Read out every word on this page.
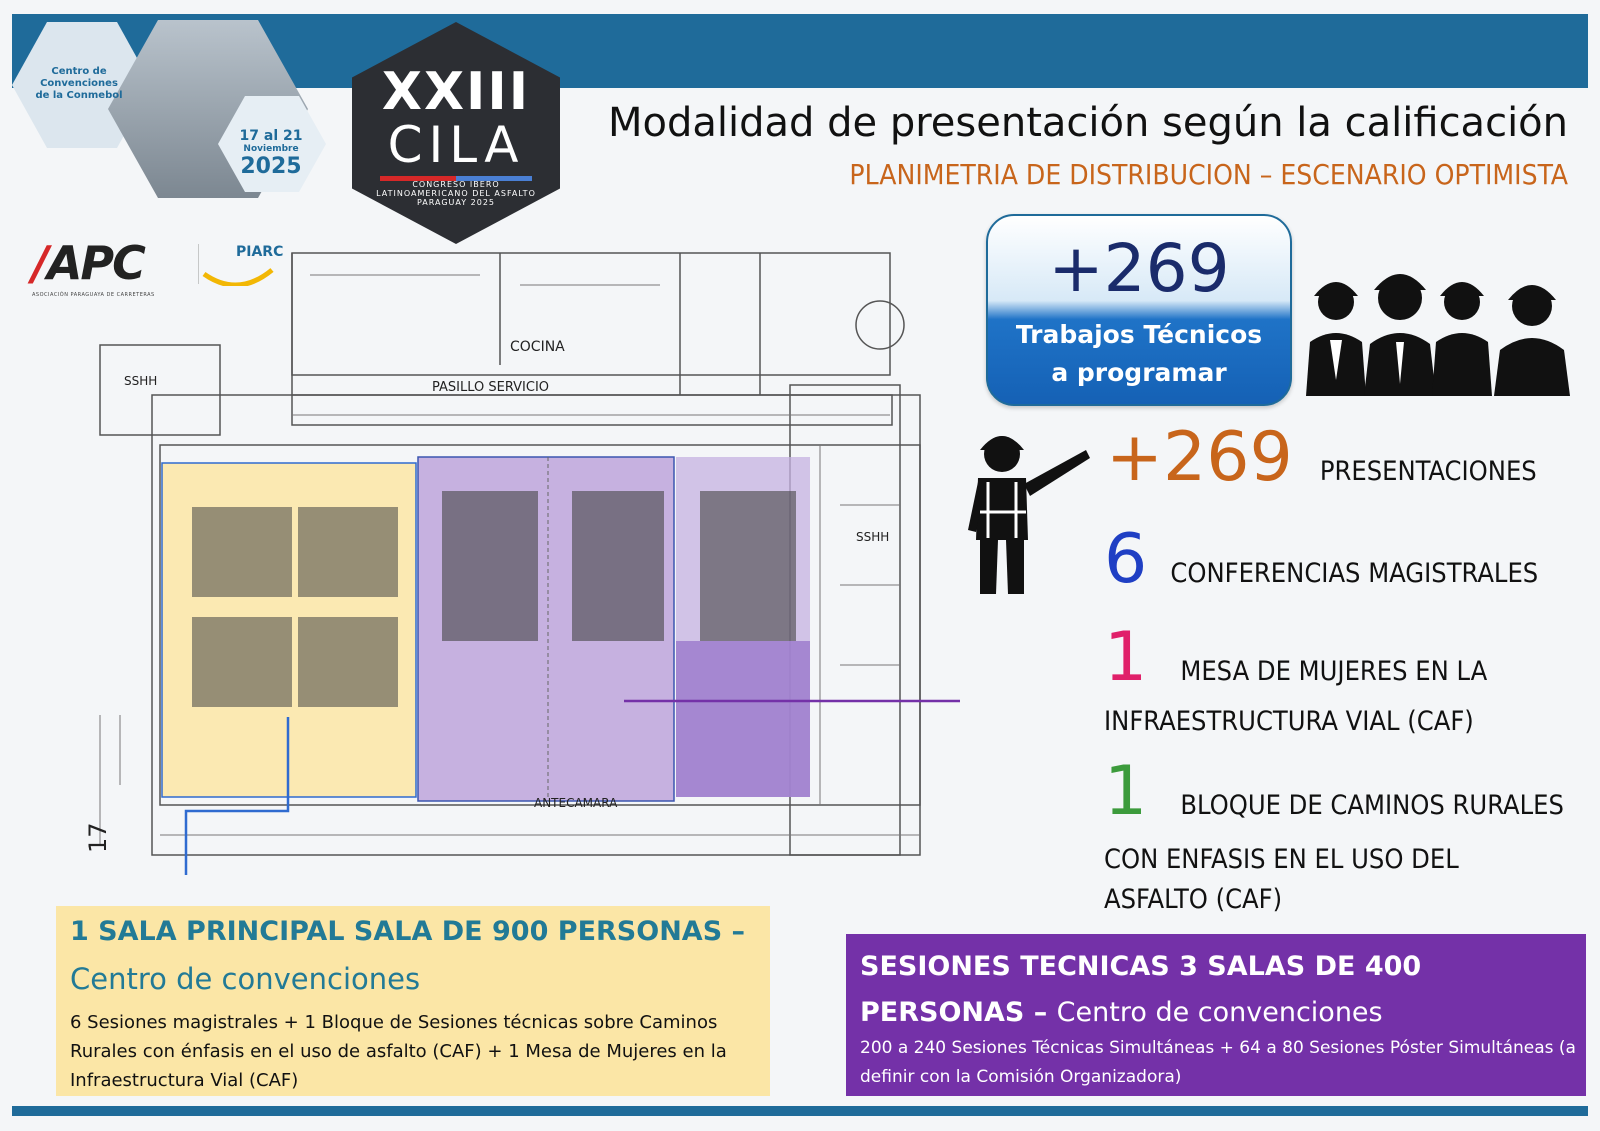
Centro de Convenciones de la Conmebol
17 al 21
Noviembre
2025
XXIII
CILA
CONGRESO IBERO LATINOAMERICANO DEL ASFALTO
PARAGUAY 2025
Modalidad de presentación según la calificación
PLANIMETRIA DE DISTRIBUCION – ESCENARIO OPTIMISTA
/APC
ASOCIACIÓN PARAGUAYA DE CARRETERAS
PIARC
COCINA
PASILLO SERVICIO
SSHH
SSHH
ANTECAMARA
17
+269
Trabajos Técnicos
a programar
+269 PRESENTACIONES
6 CONFERENCIAS MAGISTRALES
1 MESA DE MUJERES EN LA
INFRAESTRUCTURA VIAL (CAF)
1 BLOQUE DE CAMINOS RURALES
CON ENFASIS EN EL USO DEL
ASFALTO (CAF)
1 SALA PRINCIPAL SALA DE 900 PERSONAS –
Centro de convenciones
6 Sesiones magistrales + 1 Bloque de Sesiones técnicas sobre Caminos Rurales con énfasis en el uso de asfalto (CAF) + 1 Mesa de Mujeres en la Infraestructura Vial (CAF)
SESIONES TECNICAS 3 SALAS DE 400 PERSONAS – Centro de convenciones
200 a 240 Sesiones Técnicas Simultáneas + 64 a 80 Sesiones Póster Simultáneas (a definir con la Comisión Organizadora)
